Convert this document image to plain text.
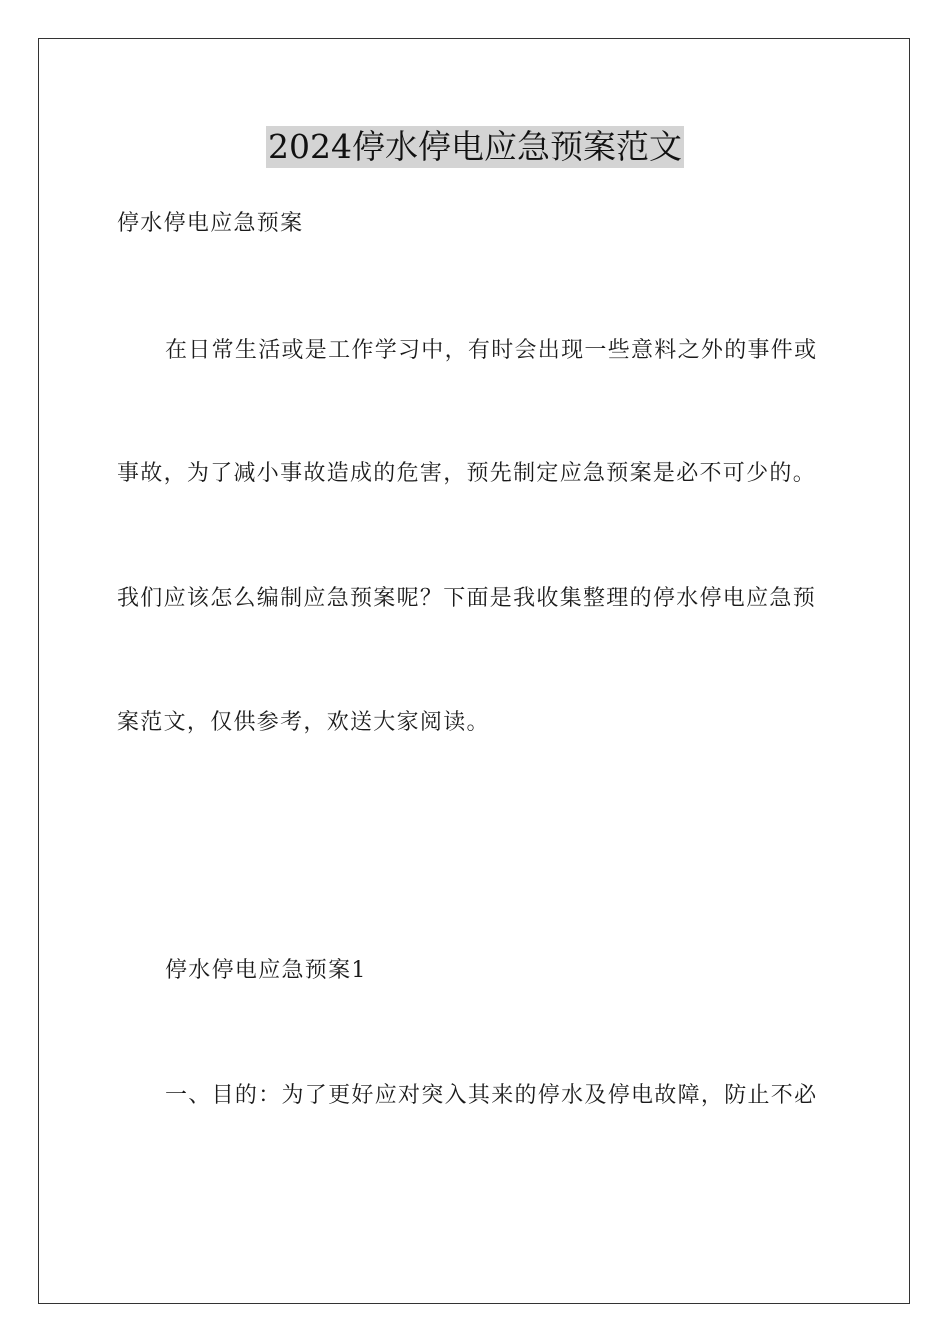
2024停水停电应急预案范文
停水停电应急预案
在日常生活或是工作学习中，有时会出现一些意料之外的事件或
事故，为了减小事故造成的危害，预先制定应急预案是必不可少的。
我们应该怎么编制应急预案呢？下面是我收集整理的停水停电应急预
案范文，仅供参考，欢送大家阅读。
停水停电应急预案1
一、目的：为了更好应对突入其来的停水及停电故障，防止不必
